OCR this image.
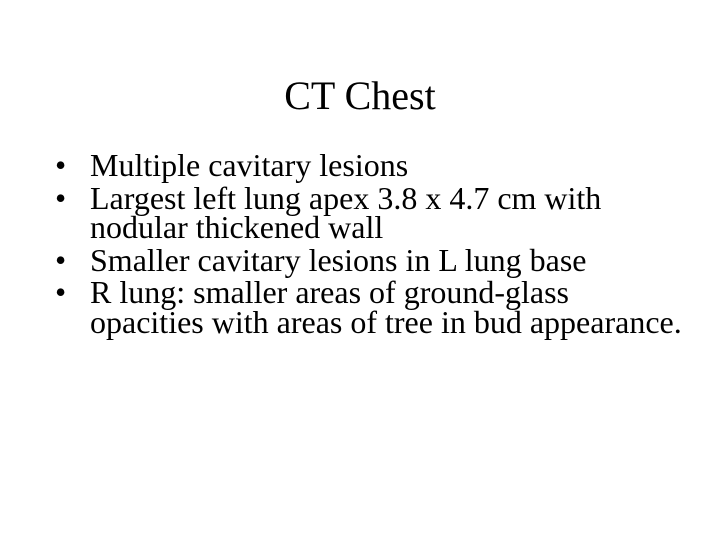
CT Chest
• Multiple cavitary lesions
• Largest left lung apex 3.8 x 4.7 cm with nodular thickened wall
• Smaller cavitary lesions in L lung base
• R lung: smaller areas of ground-glass opacities with areas of tree in bud appearance.
